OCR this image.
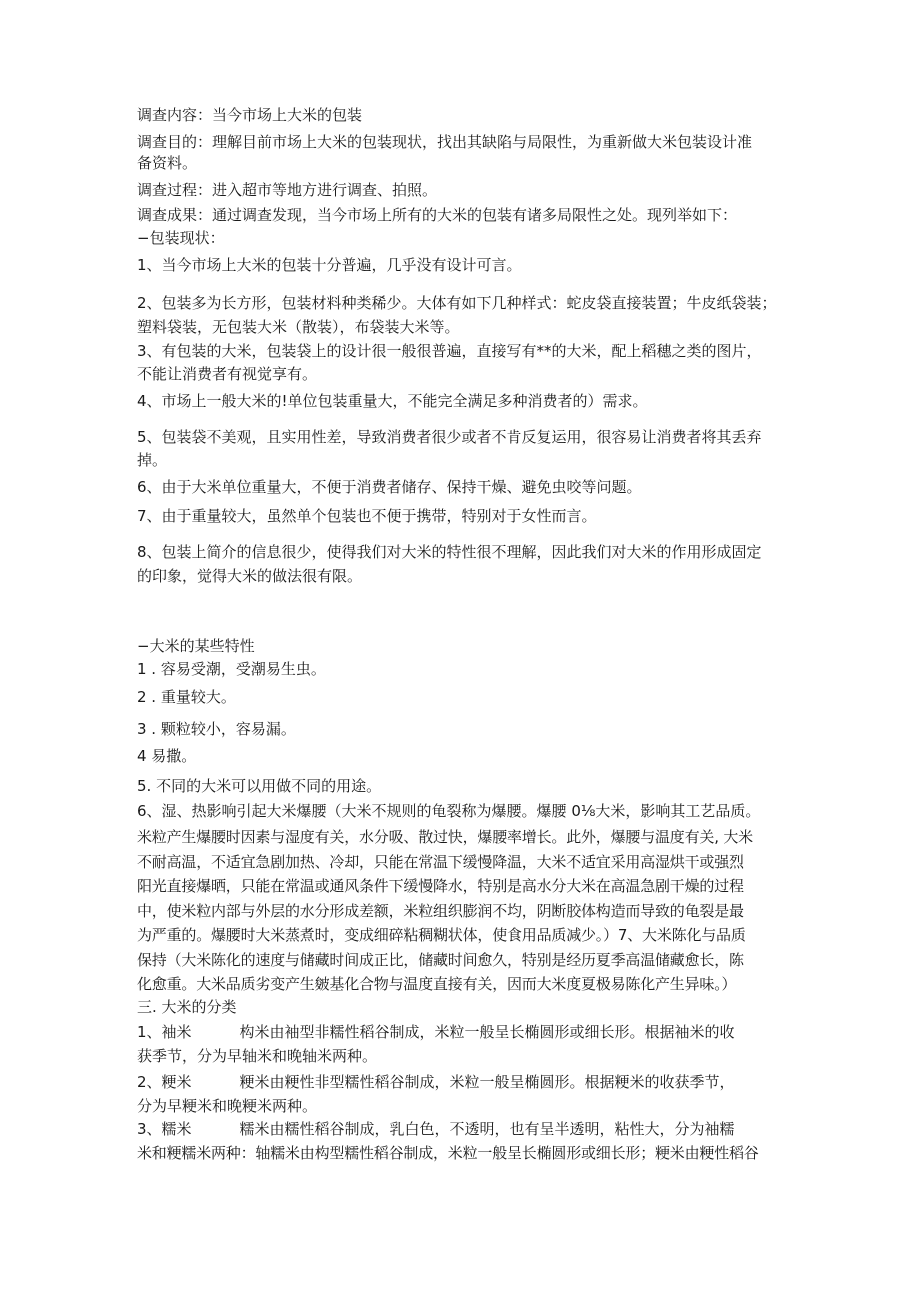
调查内容：当今市场上大米的包装
调查目的：理解目前市场上大米的包装现状，找出其缺陷与局限性，为重新做大米包装设计准
备资料。
调查过程：进入超市等地方进行调查、拍照。
调查成果：通过调查发现，当今市场上所有的大米的包装有诸多局限性之处。现列举如下：
−包装现状：
1、当今市场上大米的包装十分普遍，几乎没有设计可言。
2、包装多为长方形，包装材料种类稀少。大体有如下几种样式：蛇皮袋直接装置；牛皮纸袋装；
塑料袋装，无包装大米（散装），布袋装大米等。
3、有包装的大米，包装袋上的设计很一般很普遍，直接写有**的大米，配上稻穗之类的图片，
不能让消费者有视觉享有。
4、市场上一般大米的!单位包装重量大，不能完全满足多种消费者的）需求。
5、包装袋不美观，且实用性差，导致消费者很少或者不肯反复运用，很容易让消费者将其丢弃
掉。
6、由于大米单位重量大，不便于消费者储存、保持干燥、避免虫咬等问题。
7、由于重量较大，虽然单个包装也不便于携带，特别对于女性而言。
8、包装上简介的信息很少，使得我们对大米的特性很不理解，因此我们对大米的作用形成固定
的印象，觉得大米的做法很有限。
−大米的某些特性
1 . 容易受潮，受潮易生虫。
2 . 重量较大。
3 . 颗粒较小，容易漏。
4 易撒。
5. 不同的大米可以用做不同的用途。
6、湿、热影响引起大米爆腰（大米不规则的龟裂称为爆腰。爆腰 0⅛大米，影响其工艺品质。
米粒产生爆腰时因素与湿度有关，水分吸、散过快，爆腰率增长。此外，爆腰与温度有关, 大米
不耐高温，不适宜急剧加热、冷却，只能在常温下缓慢降温，大米不适宜采用高湿烘干或强烈
阳光直接爆晒，只能在常温或通风条件下缓慢降水，特别是高水分大米在高温急剧干燥的过程
中，使米粒内部与外层的水分形成差额，米粒组织膨润不均，阴断胶体构造而导致的龟裂是最
为严重的。爆腰时大米蒸煮时，变成细碎粘稠糊状体，使食用品质减少。）7、大米陈化与品质
保持（大米陈化的速度与储藏时间成正比，储藏时间愈久，特别是经历夏季高温储藏愈长，陈
化愈重。大米品质劣变产生皴基化合物与温度直接有关，因而大米度夏极易陈化产生异味。）
三. 大米的分类
1、袖米	构米由袖型非糯性稻谷制成，米粒一般呈长椭圆形或细长形。根据袖米的收
获季节，分为早轴米和晚轴米两种。
2、粳米	粳米由粳性非型糯性稻谷制成，米粒一般呈椭圆形。根据粳米的收获季节，
分为早粳米和晚粳米两种。
3、糯米	糯米由糯性稻谷制成，乳白色，不透明，也有呈半透明，粘性大，分为袖糯
米和粳糯米两种：轴糯米由构型糯性稻谷制成，米粒一般呈长椭圆形或细长形；粳米由粳性稻谷
